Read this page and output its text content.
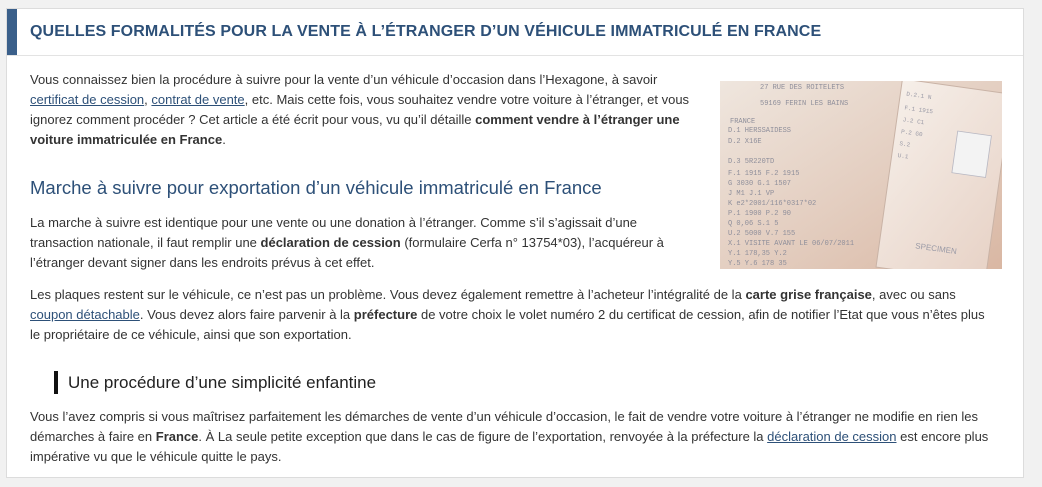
QUELLES FORMALITÉS POUR LA VENTE À L’ÉTRANGER D’UN VÉHICULE IMMATRICULÉ EN FRANCE

Vous connaissez bien la procédure à suivre pour la vente d’un véhicule d’occasion dans l’Hexagone, à savoir
certificat de cession, contrat de vente, etc. Mais cette fois, vous souhaitez vendre votre voiture à l’étranger, et vous ignorez comment procéder ? Cet article a été écrit pour vous, vu qu’il détaille comment vendre à l’étranger une voiture immatriculée en France.

Marche à suivre pour exportation d’un véhicule immatriculé en France

La marche à suivre est identique pour une vente ou une donation à l’étranger. Comme s’il s’agissait d’une transaction nationale, il faut remplir une déclaration de cession (formulaire Cerfa n° 13754*03), l’acquéreur à l’étranger devant signer dans les endroits prévus à cet effet.

27 RUE DES ROITELETS
59169 FERIN LES BAINS
FRANCE
D.1 HERSSAIDESS
D.2 X16E
D.3 5R220TD
F.1 1915 F.2 1915
G 3030 G.1 1507
J M1 J.1 VP
K e2*2001/116*0317*02
P.1 1900 P.2 90
Q 0,06 S.1 5
U.2 5000 V.7 155
X.1 VISITE AVANT LE 06/07/2011
Y.1 178,35 Y.2
Y.5 Y.6 178 35
D.2.1 N
F.1 1915
J.2 C1
P.2 G0
S.2
U.1
SPECIMEN

Les plaques restent sur le véhicule, ce n’est pas un problème. Vous devez également remettre à l’acheteur l’intégralité de la carte grise française, avec ou sans coupon détachable. Vous devez alors faire parvenir à la préfecture de votre choix le volet numéro 2 du certificat de cession, afin de notifier l’Etat que vous n’êtes plus le propriétaire de ce véhicule, ainsi que son exportation.

Une procédure d’une simplicité enfantine

Vous l’avez compris si vous maîtrisez parfaitement les démarches de vente d’un véhicule d’occasion, le fait de vendre votre voiture à l’étranger ne modifie en rien les démarches à faire en France. À La seule petite exception que dans le cas de figure de l’exportation, renvoyée à la préfecture la déclaration de cession est encore plus impérative vu que le véhicule quitte le pays.
